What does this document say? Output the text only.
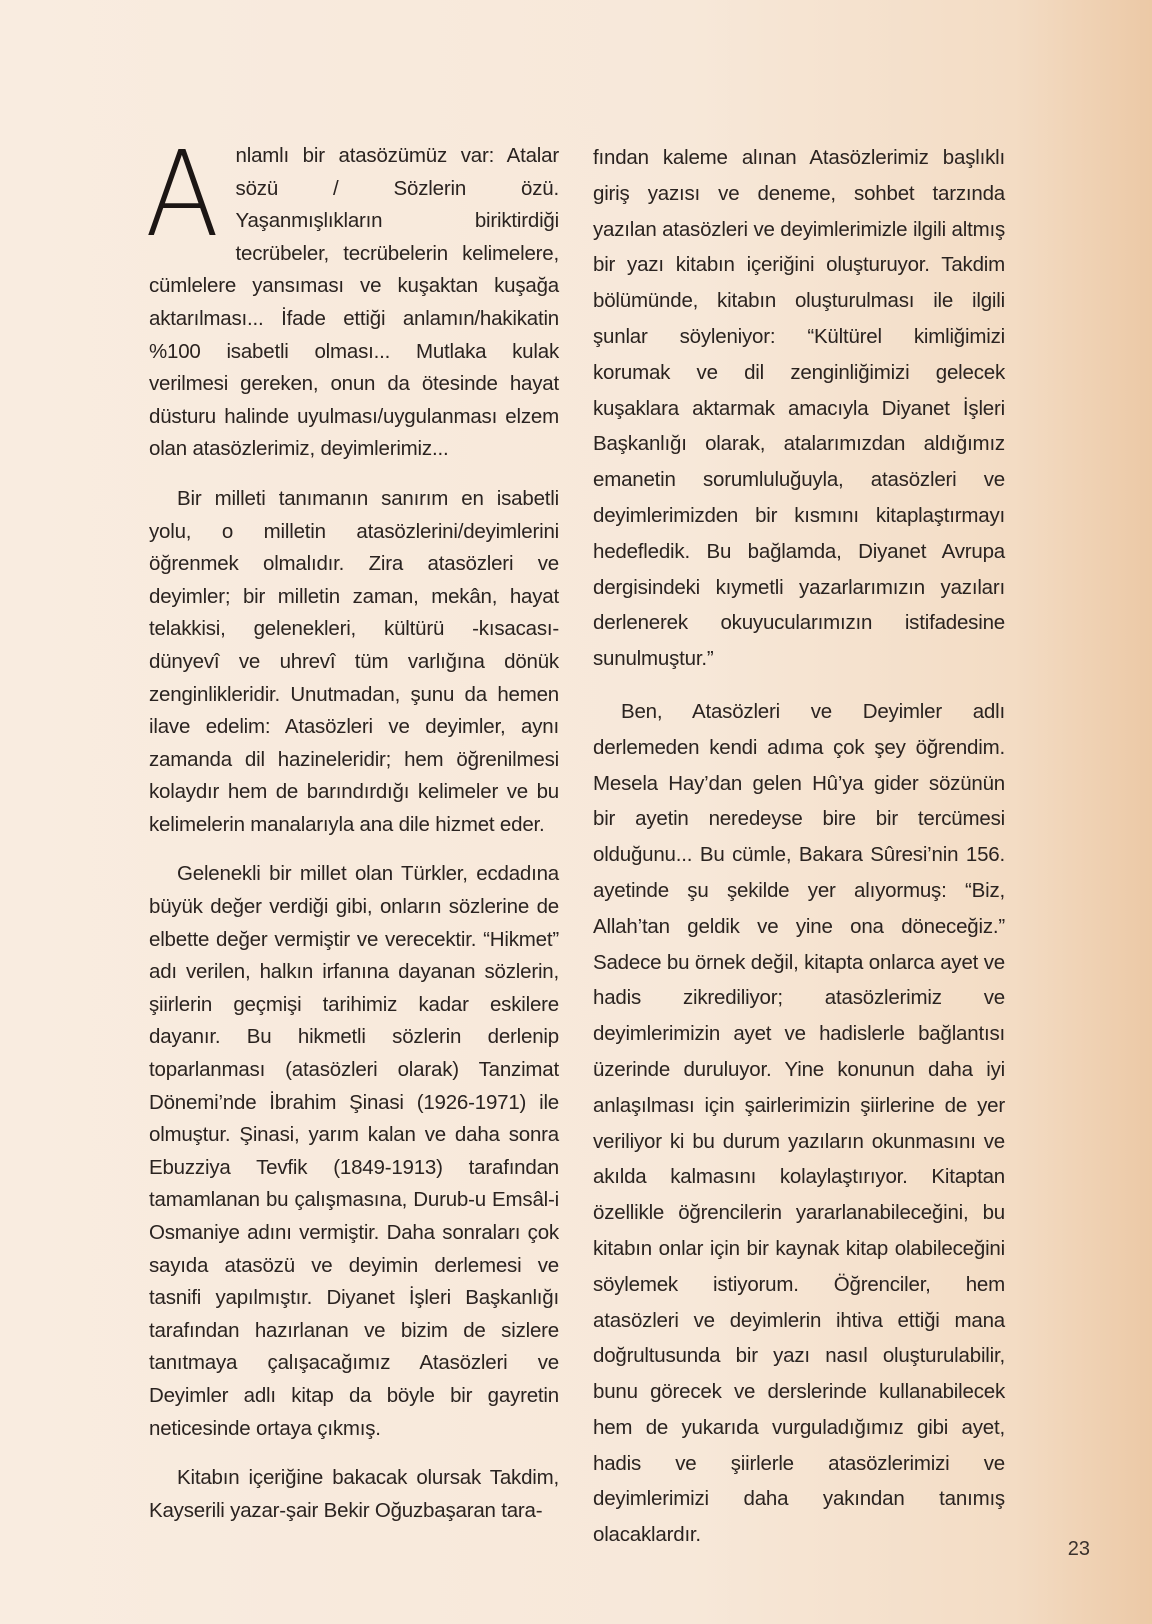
Anlamlı bir atasözümüz var: Atalar sözü / Sözlerin özü. Yaşanmışlıkların biriktirdiği tecrübeler, tecrübelerin kelimelere, cümlelere yansıması ve kuşaktan kuşağa aktarılması... İfade ettiği anlamın/hakikatin %100 isabetli olması... Mutlaka kulak verilmesi gereken, onun da ötesinde hayat düsturu halinde uyulması/uygulanması elzem olan atasözlerimiz, deyimlerimiz...

Bir milleti tanımanın sanırım en isabetli yolu, o milletin atasözlerini/deyimlerini öğrenmek olmalıdır. Zira atasözleri ve deyimler; bir milletin zaman, mekân, hayat telakkisi, gelenekleri, kültürü -kısacası- dünyevî ve uhrevî tüm varlığına dönük zenginlikleridir. Unutmadan, şunu da hemen ilave edelim: Atasözleri ve deyimler, aynı zamanda dil hazineleridir; hem öğrenilmesi kolaydır hem de barındırdığı kelimeler ve bu kelimelerin manalarıyla ana dile hizmet eder.

Gelenekli bir millet olan Türkler, ecdadına büyük değer verdiği gibi, onların sözlerine de elbette değer vermiştir ve verecektir. “Hikmet” adı verilen, halkın irfanına dayanan sözlerin, şiirlerin geçmişi tarihimiz kadar eskilere dayanır. Bu hikmetli sözlerin derlenip toparlanması (atasözleri olarak) Tanzimat Dönemi’nde İbrahim Şinasi (1926-1971) ile olmuştur. Şinasi, yarım kalan ve daha sonra Ebuzziya Tevfik (1849-1913) tarafından tamamlanan bu çalışmasına, Durub-u Emsâl-i Osmaniye adını vermiştir. Daha sonraları çok sayıda atasözü ve deyimin derlemesi ve tasnifi yapılmıştır. Diyanet İşleri Başkanlığı tarafından hazırlanan ve bizim de sizlere tanıtmaya çalışacağımız Atasözleri ve Deyimler adlı kitap da böyle bir gayretin neticesinde ortaya çıkmış.

Kitabın içeriğine bakacak olursak Takdim, Kayserili yazar-şair Bekir Oğuzbaşaran tara-

fından kaleme alınan Atasözlerimiz başlıklı giriş yazısı ve deneme, sohbet tarzında yazılan atasözleri ve deyimlerimizle ilgili altmış bir yazı kitabın içeriğini oluşturuyor. Takdim bölümünde, kitabın oluşturulması ile ilgili şunlar söyleniyor: “Kültürel kimliğimizi korumak ve dil zenginliğimizi gelecek kuşaklara aktarmak amacıyla Diyanet İşleri Başkanlığı olarak, atalarımızdan aldığımız emanetin sorumluluğuyla, atasözleri ve deyimlerimizden bir kısmını kitaplaştırmayı hedefledik. Bu bağlamda, Diyanet Avrupa dergisindeki kıymetli yazarlarımızın yazıları derlenerek okuyucularımızın istifadesine sunulmuştur.”

Ben, Atasözleri ve Deyimler adlı derlemeden kendi adıma çok şey öğrendim. Mesela Hay’dan gelen Hû’ya gider sözünün bir ayetin neredeyse bire bir tercümesi olduğunu... Bu cümle, Bakara Sûresi’nin 156. ayetinde şu şekilde yer alıyormuş: “Biz, Allah’tan geldik ve yine ona döneceğiz.” Sadece bu örnek değil, kitapta onlarca ayet ve hadis zikrediliyor; atasözlerimiz ve deyimlerimizin ayet ve hadislerle bağlantısı üzerinde duruluyor. Yine konunun daha iyi anlaşılması için şairlerimizin şiirlerine de yer veriliyor ki bu durum yazıların okunmasını ve akılda kalmasını kolaylaştırıyor. Kitaptan özellikle öğrencilerin yararlanabileceğini, bu kitabın onlar için bir kaynak kitap olabileceğini söylemek istiyorum. Öğrenciler, hem atasözleri ve deyimlerin ihtiva ettiği mana doğrultusunda bir yazı nasıl oluşturulabilir, bunu görecek ve derslerinde kullanabilecek hem de yukarıda vurguladığımız gibi ayet, hadis ve şiirlerle atasözlerimizi ve deyimlerimizi daha yakından tanımış olacaklardır.

23
